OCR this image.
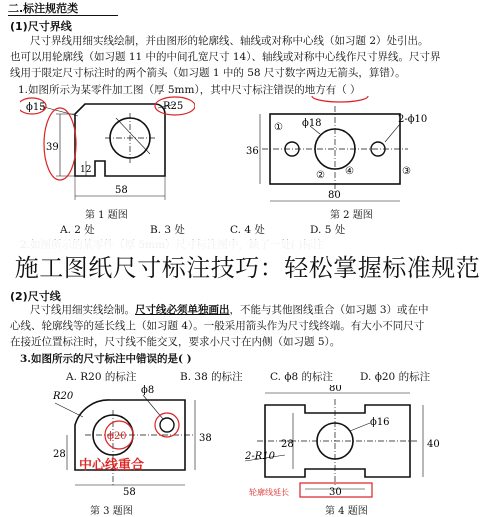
二.标注规范类
(1)尺寸界线
尺寸界线用细实线绘制，并由图形的轮廓线、轴线或对称中心线（如习题 2）处引出。
也可以用轮廓线（如习题 11 中的中间孔宽尺寸 14）、轴线或对称中心线作尺寸界线。尺寸界
线用于限定尺寸标注时的两个箭头（如习题 1 中的 58 尺寸数字两边无箭头，算错）。
1.如图所示为某零件加工图（厚 5mm），其中尺寸标注错误的地方有（ ）
ϕ15	R25
39
12
58
第 1 题图
ϕ18	2-ϕ10
36
80
①
②	③
④
第 2 题图
A. 2 处	B. 3 处	C. 4 处	D. 5 处
施工图纸尺寸标注技巧：轻松掌握标准规范
(2)尺寸线
尺寸线用细实线绘制。尺寸线必须单独画出，不能与其他图线重合（如习题 3）或在中
心线、轮廓线等的延长线上（如习题 4）。一般采用箭头作为尺寸线终端。有大小不同尺寸
在接近位置标注时，尺寸线不能交叉，要求小尺寸在内侧（如习题 5）。
3.如图所示的尺寸标注中错误的是( )
A. R20 的标注	B. 38 的标注	C. ϕ8 的标注	D. ϕ20 的标注
R20
ϕ8
ϕ20
28
38
58
中心线重合
第 3 题图
80
ϕ16
2-R10
40
28
30
轮廓线延长
第 4 题图
